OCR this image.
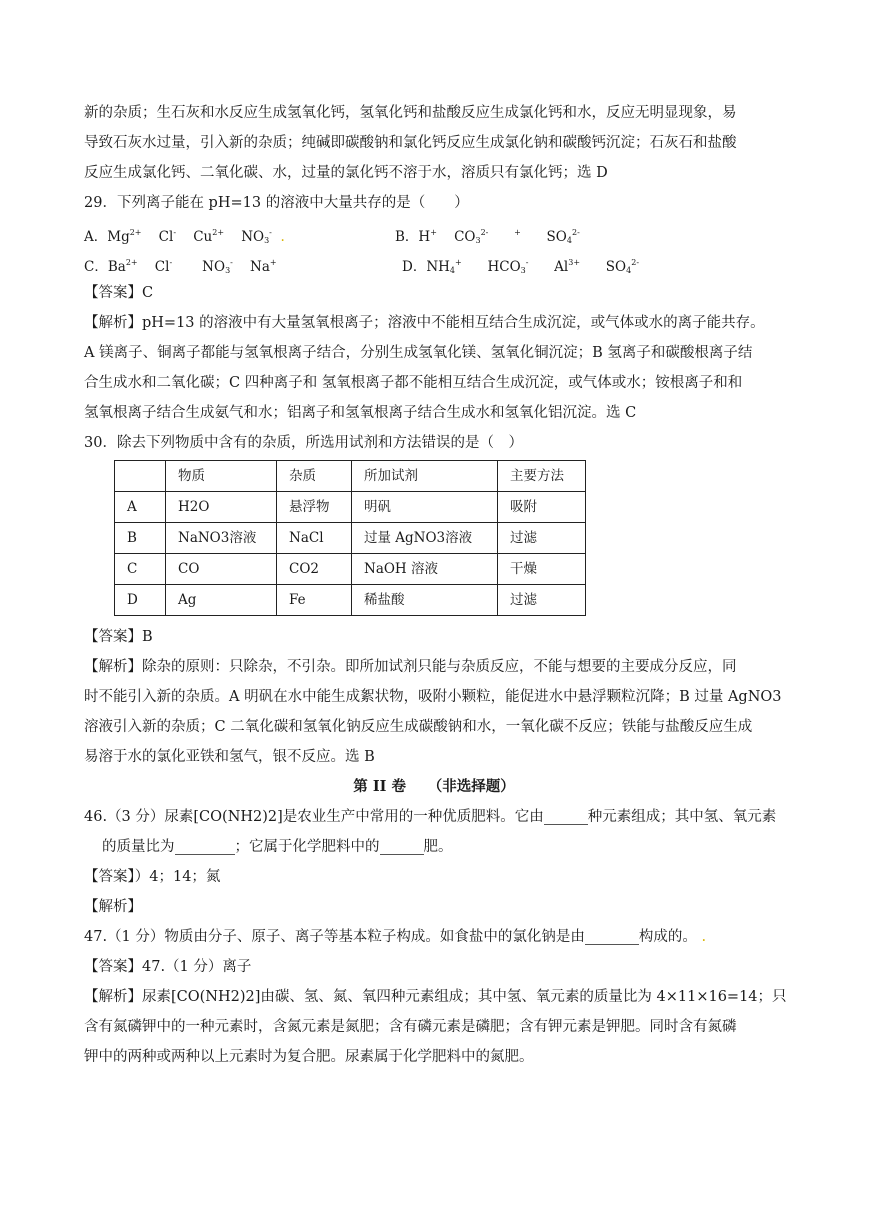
新的杂质；生石灰和水反应生成氢氧化钙，氢氧化钙和盐酸反应生成氯化钙和水，反应无明显现象，易

导致石灰水过量，引入新的杂质；纯碱即碳酸钠和氯化钙反应生成氯化钠和碳酸钙沉淀；石灰石和盐酸

反应生成氯化钙、二氧化碳、水，过量的氯化钙不溶于水，溶质只有氯化钙；选 D

29．下列离子能在 pH=13 的溶液中大量共存的是（　　）

A．$Mg^{2+}$    Cl-    $Cu^{2+}$    $NO_3^-$ .	B．H+    $CO_3^{2-}$	+      $SO_4^{2-}$
C．$Ba^{2+}$    Cl-       $NO_3^-$    Na+	D．$NH_4^+$      $HCO_3^-$      $Al^{3+}$      $SO_4^{2-}$

【答案】C

【解析】pH=13 的溶液中有大量氢氧根离子；溶液中不能相互结合生成沉淀，或气体或水的离子能共存。

A 镁离子、铜离子都能与氢氧根离子结合，分别生成氢氧化镁、氢氧化铜沉淀；B 氢离子和碳酸根离子结

合生成水和二氧化碳；C 四种离子和 氢氧根离子都不能相互结合生成沉淀，或气体或水；铵根离子和和

氢氧根离子结合生成氨气和水；铝离子和氢氧根离子结合生成水和氢氧化铝沉淀。选 C

30．除去下列物质中含有的杂质，所选用试剂和方法错误的是（　）

	物质	杂质	所加试剂	主要方法
A	H2O	悬浮物	明矾	吸附
B	NaNO3溶液	NaCl	过量 AgNO3溶液	过滤
C	CO	CO2	NaOH 溶液	干燥
D	Ag	Fe	稀盐酸	过滤

【答案】B

【解析】除杂的原则：只除杂，不引杂。即所加试剂只能与杂质反应，不能与想要的主要成分反应，同

时不能引入新的杂质。A 明矾在水中能生成絮状物，吸附小颗粒，能促进水中悬浮颗粒沉降；B 过量 AgNO3

溶液引入新的杂质；C 二氧化碳和氢氧化钠反应生成碳酸钠和水，一氧化碳不反应；铁能与盐酸反应生成

易溶于水的氯化亚铁和氢气，银不反应。选 B

第 II 卷　　（非选择题）

46.（3 分）尿素[CO(NH2)2]是农业生产中常用的一种优质肥料。它由	种元素组成；其中氢、氧元素

的质量比为	；它属于化学肥料中的	肥。

【答案】）4；14；氮

【解析】

47.（1 分）物质由分子、原子、离子等基本粒子构成。如食盐中的氯化钠是由	构成的。 .

【答案】47.（1 分）离子

【解析】尿素[CO(NH2)2]由碳、氢、氮、氧四种元素组成；其中氢、氧元素的质量比为 4×11×16=14；只

含有氮磷钾中的一种元素时，含氮元素是氮肥；含有磷元素是磷肥；含有钾元素是钾肥。同时含有氮磷

钾中的两种或两种以上元素时为复合肥。尿素属于化学肥料中的氮肥。
